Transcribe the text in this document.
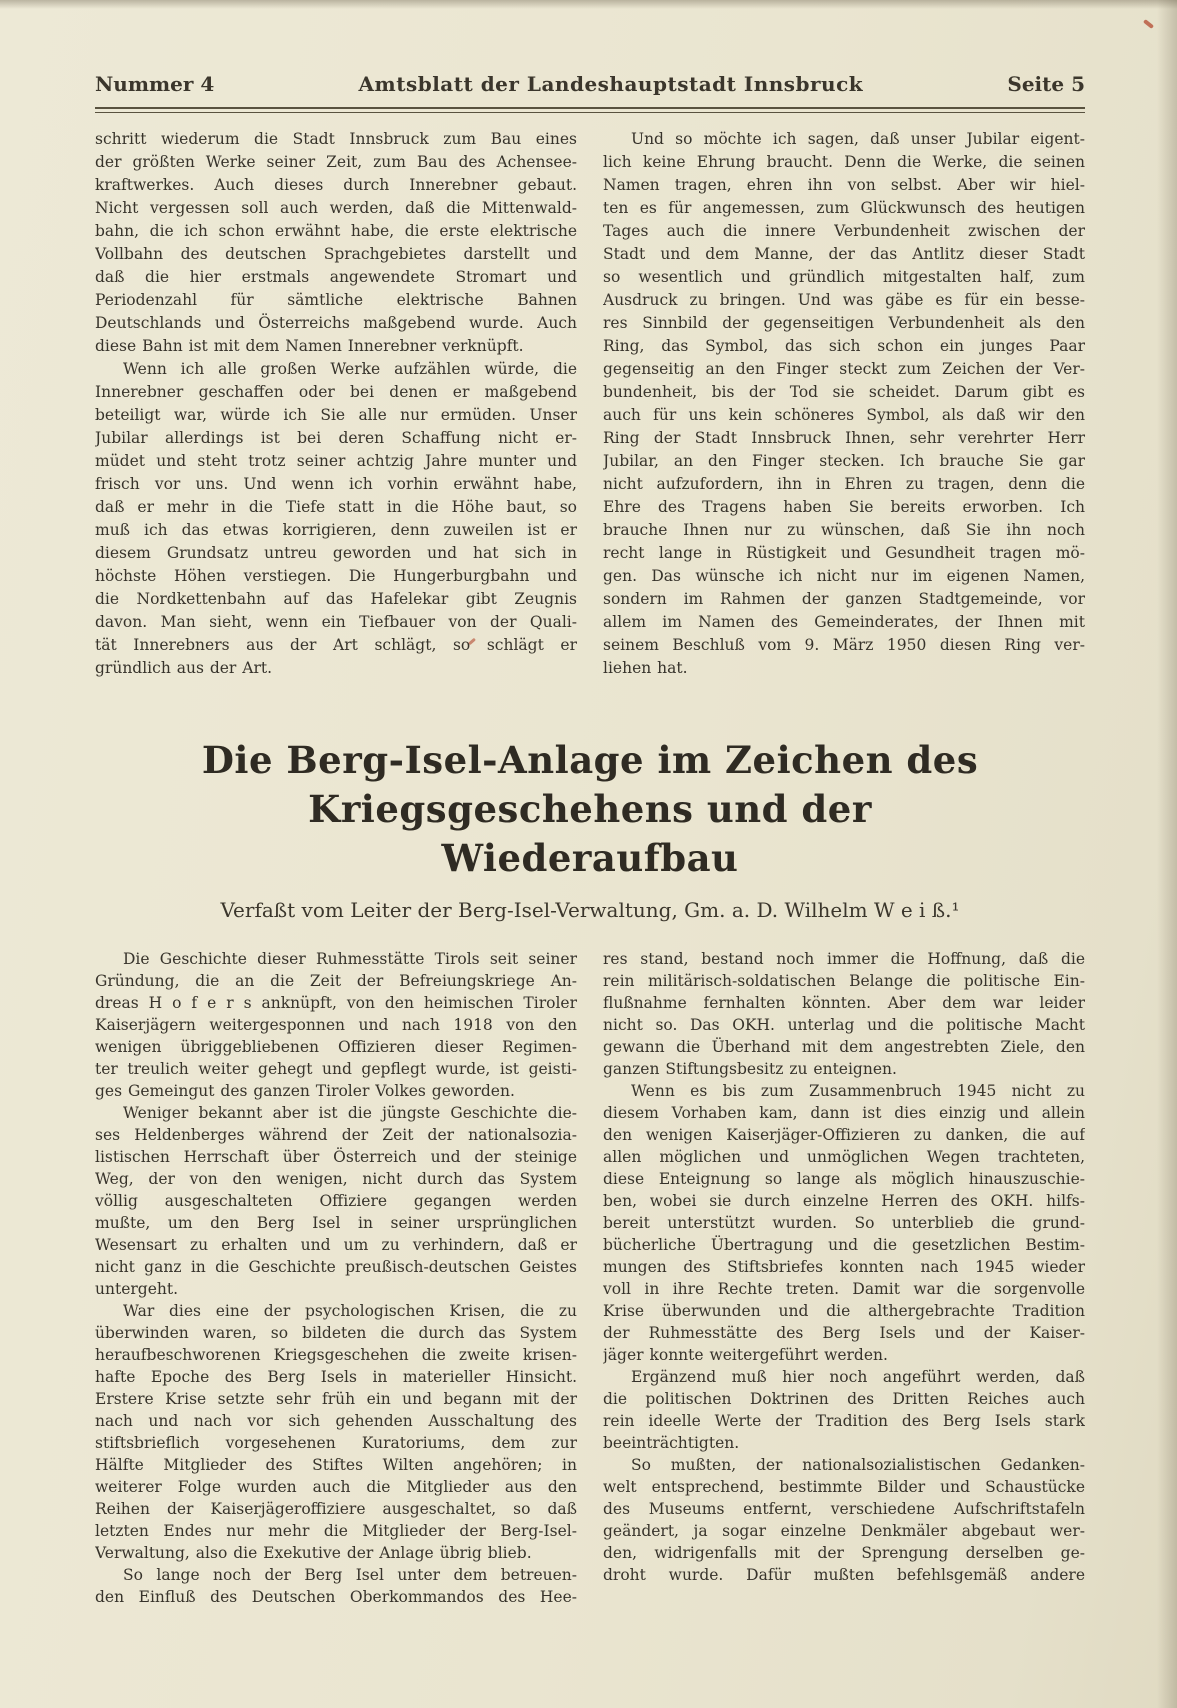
Nummer 4	Amtsblatt der Landeshauptstadt Innsbruck	Seite 5
schritt wiederum die Stadt Innsbruck zum Bau eines
der größten Werke seiner Zeit, zum Bau des Achensee-
kraftwerkes. Auch dieses durch Innerebner gebaut.
Nicht vergessen soll auch werden, daß die Mittenwald-
bahn, die ich schon erwähnt habe, die erste elektrische
Vollbahn des deutschen Sprachgebietes darstellt und
daß die hier erstmals angewendete Stromart und
Periodenzahl für sämtliche elektrische Bahnen
Deutschlands und Österreichs maßgebend wurde. Auch
diese Bahn ist mit dem Namen Innerebner verknüpft.
Wenn ich alle großen Werke aufzählen würde, die
Innerebner geschaffen oder bei denen er maßgebend
beteiligt war, würde ich Sie alle nur ermüden. Unser
Jubilar allerdings ist bei deren Schaffung nicht er-
müdet und steht trotz seiner achtzig Jahre munter und
frisch vor uns. Und wenn ich vorhin erwähnt habe,
daß er mehr in die Tiefe statt in die Höhe baut, so
muß ich das etwas korrigieren, denn zuweilen ist er
diesem Grundsatz untreu geworden und hat sich in
höchste Höhen verstiegen. Die Hungerburgbahn und
die Nordkettenbahn auf das Hafelekar gibt Zeugnis
davon. Man sieht, wenn ein Tiefbauer von der Quali-
tät Innerebners aus der Art schlägt, so schlägt er
gründlich aus der Art.
Und so möchte ich sagen, daß unser Jubilar eigent-
lich keine Ehrung braucht. Denn die Werke, die seinen
Namen tragen, ehren ihn von selbst. Aber wir hiel-
ten es für angemessen, zum Glückwunsch des heutigen
Tages auch die innere Verbundenheit zwischen der
Stadt und dem Manne, der das Antlitz dieser Stadt
so wesentlich und gründlich mitgestalten half, zum
Ausdruck zu bringen. Und was gäbe es für ein besse-
res Sinnbild der gegenseitigen Verbundenheit als den
Ring, das Symbol, das sich schon ein junges Paar
gegenseitig an den Finger steckt zum Zeichen der Ver-
bundenheit, bis der Tod sie scheidet. Darum gibt es
auch für uns kein schöneres Symbol, als daß wir den
Ring der Stadt Innsbruck Ihnen, sehr verehrter Herr
Jubilar, an den Finger stecken. Ich brauche Sie gar
nicht aufzufordern, ihn in Ehren zu tragen, denn die
Ehre des Tragens haben Sie bereits erworben. Ich
brauche Ihnen nur zu wünschen, daß Sie ihn noch
recht lange in Rüstigkeit und Gesundheit tragen mö-
gen. Das wünsche ich nicht nur im eigenen Namen,
sondern im Rahmen der ganzen Stadtgemeinde, vor
allem im Namen des Gemeinderates, der Ihnen mit
seinem Beschluß vom 9. März 1950 diesen Ring ver-
liehen hat.
Die Berg-Isel-Anlage im Zeichen des Kriegsgeschehens und der
Wiederaufbau
Verfaßt vom Leiter der Berg-Isel-Verwaltung, Gm. a. D. Wilhelm W e i ß.¹
Die Geschichte dieser Ruhmesstätte Tirols seit seiner
Gründung, die an die Zeit der Befreiungskriege An-
dreas H o f e r s anknüpft, von den heimischen Tiroler
Kaiserjägern weitergesponnen und nach 1918 von den
wenigen übriggebliebenen Offizieren dieser Regimen-
ter treulich weiter gehegt und gepflegt wurde, ist geisti-
ges Gemeingut des ganzen Tiroler Volkes geworden.
Weniger bekannt aber ist die jüngste Geschichte die-
ses Heldenberges während der Zeit der nationalsozia-
listischen Herrschaft über Österreich und der steinige
Weg, der von den wenigen, nicht durch das System
völlig ausgeschalteten Offiziere gegangen werden
mußte, um den Berg Isel in seiner ursprünglichen
Wesensart zu erhalten und um zu verhindern, daß er
nicht ganz in die Geschichte preußisch-deutschen Geistes
untergeht.
War dies eine der psychologischen Krisen, die zu
überwinden waren, so bildeten die durch das System
heraufbeschworenen Kriegsgeschehen die zweite krisen-
hafte Epoche des Berg Isels in materieller Hinsicht.
Erstere Krise setzte sehr früh ein und begann mit der
nach und nach vor sich gehenden Ausschaltung des
stiftsbrieflich vorgesehenen Kuratoriums, dem zur
Hälfte Mitglieder des Stiftes Wilten angehören; in
weiterer Folge wurden auch die Mitglieder aus den
Reihen der Kaiserjägeroffiziere ausgeschaltet, so daß
letzten Endes nur mehr die Mitglieder der Berg-Isel-
Verwaltung, also die Exekutive der Anlage übrig blieb.
So lange noch der Berg Isel unter dem betreuen-
den Einfluß des Deutschen Oberkommandos des Hee-
res stand, bestand noch immer die Hoffnung, daß die
rein militärisch-soldatischen Belange die politische Ein-
flußnahme fernhalten könnten. Aber dem war leider
nicht so. Das OKH. unterlag und die politische Macht
gewann die Überhand mit dem angestrebten Ziele, den
ganzen Stiftungsbesitz zu enteignen.
Wenn es bis zum Zusammenbruch 1945 nicht zu
diesem Vorhaben kam, dann ist dies einzig und allein
den wenigen Kaiserjäger-Offizieren zu danken, die auf
allen möglichen und unmöglichen Wegen trachteten,
diese Enteignung so lange als möglich hinauszuschie-
ben, wobei sie durch einzelne Herren des OKH. hilfs-
bereit unterstützt wurden. So unterblieb die grund-
bücherliche Übertragung und die gesetzlichen Bestim-
mungen des Stiftsbriefes konnten nach 1945 wieder
voll in ihre Rechte treten. Damit war die sorgenvolle
Krise überwunden und die althergebrachte Tradition
der Ruhmesstätte des Berg Isels und der Kaiser-
jäger konnte weitergeführt werden.
Ergänzend muß hier noch angeführt werden, daß
die politischen Doktrinen des Dritten Reiches auch
rein ideelle Werte der Tradition des Berg Isels stark
beeinträchtigten.
So mußten, der nationalsozialistischen Gedanken-
welt entsprechend, bestimmte Bilder und Schaustücke
des Museums entfernt, verschiedene Aufschriftstafeln
geändert, ja sogar einzelne Denkmäler abgebaut wer-
den, widrigenfalls mit der Sprengung derselben ge-
droht wurde. Dafür mußten befehlsgemäß andere
